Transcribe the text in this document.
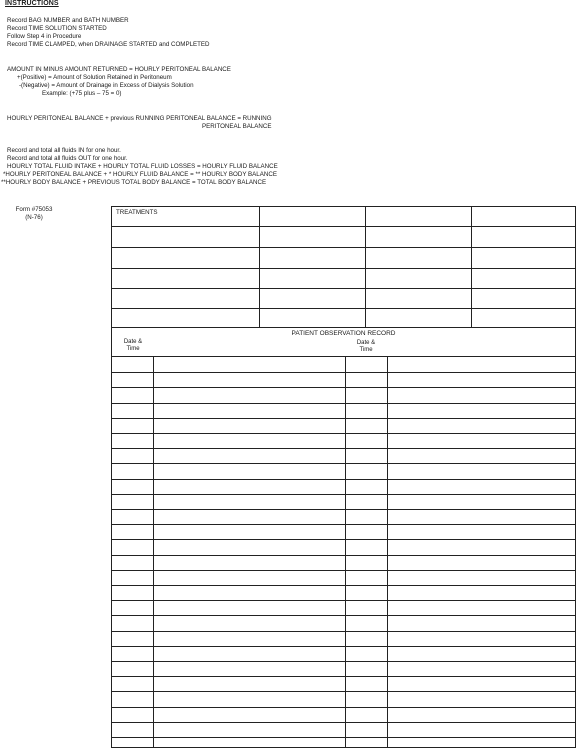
INSTRUCTIONS
Record BAG NUMBER and BATH NUMBER
Record TIME SOLUTION STARTED
Follow Step 4 in Procedure
Record TIME CLAMPED, when DRAINAGE STARTED and COMPLETED
AMOUNT IN MINUS AMOUNT RETURNED = HOURLY PERITONEAL BALANCE
+(Positive) = Amount of Solution Retained in Peritoneum
-(Negative) = Amount of Drainage in Excess of Dialysis Solution
Example: (+75 plus – 75 = 0)
HOURLY PERITONEAL BALANCE + previous RUNNING PERITONEAL BALANCE = RUNNING
PERITONEAL BALANCE
Record and total all fluids IN for one hour.
Record and total all fluids OUT for one hour.
HOURLY TOTAL FLUID INTAKE + HOURLY TOTAL FLUID LOSSES = HOURLY FLUID BALANCE
*HOURLY PERITONEAL BALANCE + * HOURLY FLUID BALANCE = ** HOURLY BODY BALANCE
**HOURLY BODY BALANCE + PREVIOUS TOTAL BODY BALANCE = TOTAL BODY BALANCE
Form #75053
(N-76)
TREATMENTS
PATIENT OBSERVATION RECORD
Date & Time
Date & Time
